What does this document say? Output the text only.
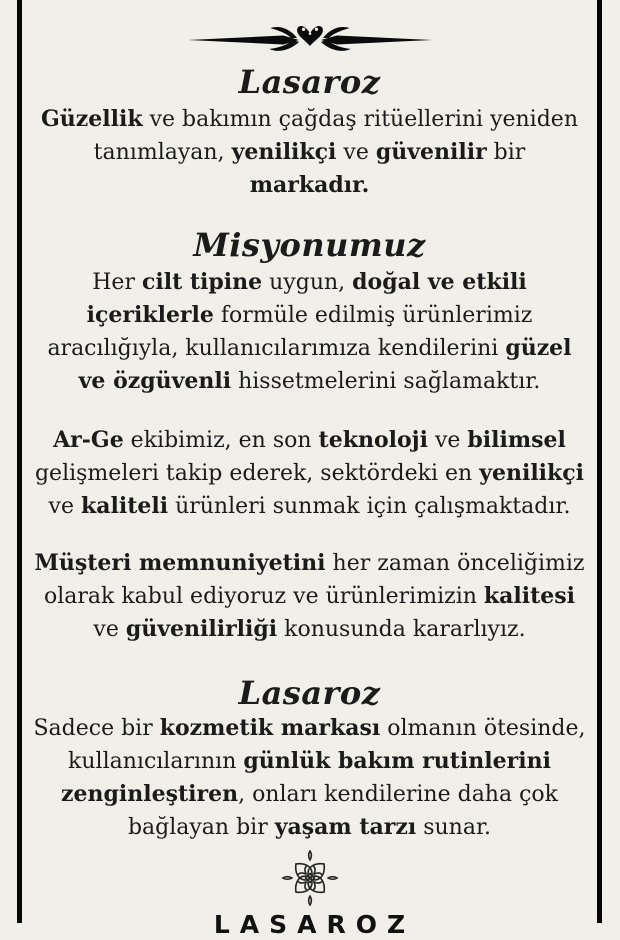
Lasaroz
Güzellik ve bakımın çağdaş ritüellerini yeniden
tanımlayan, yenilikçi ve güvenilir bir
markadır.
Misyonumuz
Her cilt tipine uygun, doğal ve etkili
içeriklerle formüle edilmiş ürünlerimiz
aracılığıyla, kullanıcılarımıza kendilerini güzel
ve özgüvenli hissetmelerini sağlamaktır.
Ar-Ge ekibimiz, en son teknoloji ve bilimsel
gelişmeleri takip ederek, sektördeki en yenilikçi
ve kaliteli ürünleri sunmak için çalışmaktadır.
Müşteri memnuniyetini her zaman önceliğimiz
olarak kabul ediyoruz ve ürünlerimizin kalitesi
ve güvenilirliği konusunda kararlıyız.
Lasaroz
Sadece bir kozmetik markası olmanın ötesinde,
kullanıcılarının günlük bakım rutinlerini
zenginleştiren, onları kendilerine daha çok
bağlayan bir yaşam tarzı sunar.
LASAROZ
